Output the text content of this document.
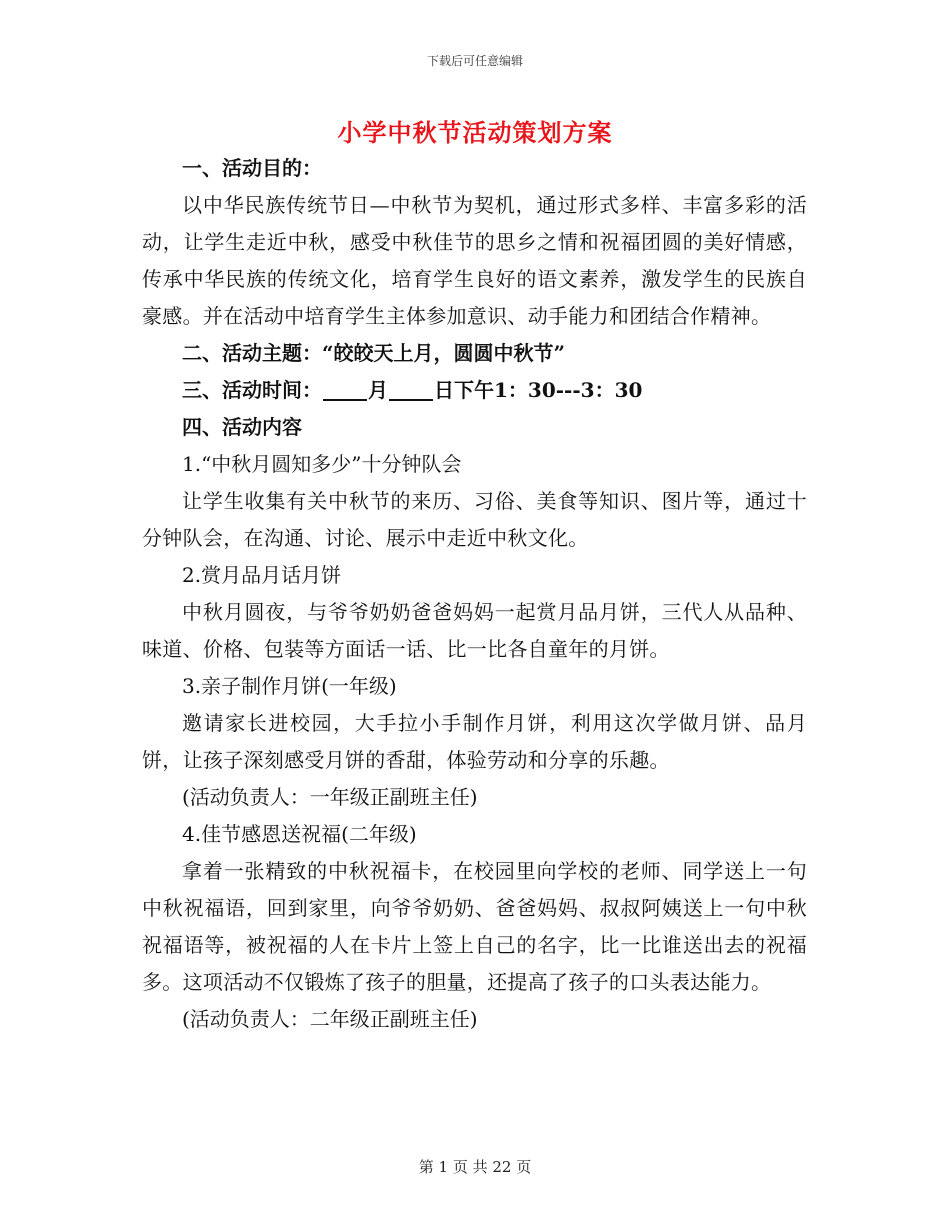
下载后可任意编辑
小学中秋节活动策划方案

一、活动目的：

以中华民族传统节日—中秋节为契机，通过形式多样、丰富多彩的活动，让学生走近中秋，感受中秋佳节的思乡之情和祝福团圆的美好情感，传承中华民族的传统文化，培育学生良好的语文素养，激发学生的民族自豪感。并在活动中培育学生主体参加意识、动手能力和团结合作精神。

二、活动主题：“皎皎天上月，圆圆中秋节”

三、活动时间： 月 日下午1：30---3：30

四、活动内容

1.“中秋月圆知多少”十分钟队会

让学生收集有关中秋节的来历、习俗、美食等知识、图片等，通过十分钟队会，在沟通、讨论、展示中走近中秋文化。

2.赏月品月话月饼

中秋月圆夜，与爷爷奶奶爸爸妈妈一起赏月品月饼，三代人从品种、味道、价格、包装等方面话一话、比一比各自童年的月饼。

3.亲子制作月饼(一年级)

邀请家长进校园，大手拉小手制作月饼，利用这次学做月饼、品月饼，让孩子深刻感受月饼的香甜，体验劳动和分享的乐趣。

(活动负责人：一年级正副班主任)

4.佳节感恩送祝福(二年级)

拿着一张精致的中秋祝福卡，在校园里向学校的老师、同学送上一句中秋祝福语，回到家里，向爷爷奶奶、爸爸妈妈、叔叔阿姨送上一句中秋祝福语等，被祝福的人在卡片上签上自己的名字，比一比谁送出去的祝福多。这项活动不仅锻炼了孩子的胆量，还提高了孩子的口头表达能力。

(活动负责人：二年级正副班主任)

第 1 页 共 22 页
